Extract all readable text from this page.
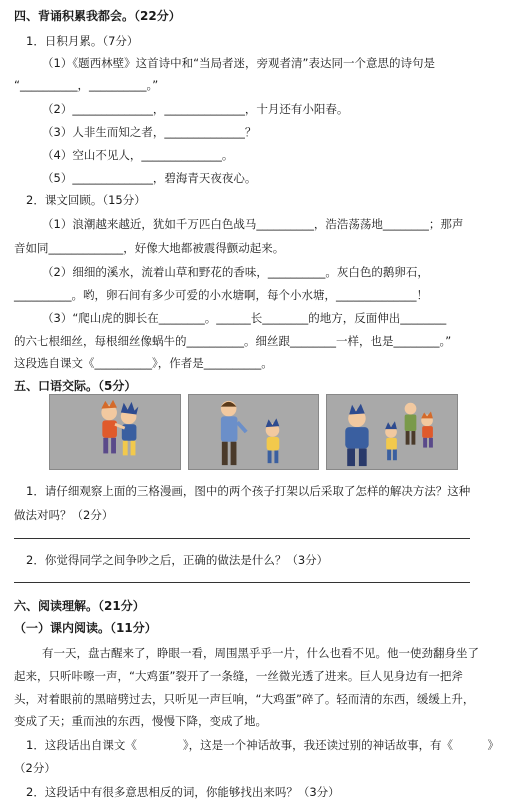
四、背诵积累我都会。（22分）
1．日积月累。（7分）
（1）《题西林壁》这首诗中和“当局者迷，旁观者清”表达同一个意思的诗句是
“__________，__________。”
（2）______________，______________，十月还有小阳春。
（3）人非生而知之者，______________？
（4）空山不见人，______________。
（5）______________，碧海青天夜夜心。
2．课文回顾。（15分）
（1）浪潮越来越近，犹如千万匹白色战马__________，浩浩荡荡地________；那声
音如同_____________，好像大地都被震得颤动起来。
（2）细细的溪水，流着山草和野花的香味，__________。灰白色的鹅卵石，
__________。哟，卵石间有多少可爱的小水塘啊，每个小水塘，______________！
（3）“爬山虎的脚长在________。______长________的地方，反面伸出________
的六七根细丝，每根细丝像蜗牛的__________。细丝跟________一样，也是________。”
这段选自课文《__________》，作者是__________。
五、口语交际。（5分）
1．请仔细观察上面的三格漫画，图中的两个孩子打架以后采取了怎样的解决方法？这种
做法对吗？（2分）
2．你觉得同学之间争吵之后，正确的做法是什么？（3分）
六、阅读理解。（21分）
（一）课内阅读。（11分）
有一天，盘古醒来了，睁眼一看，周围黑乎乎一片，什么也看不见。他一使劲翻身坐了
起来，只听咔嚓一声，“大鸡蛋”裂开了一条缝，一丝微光透了进来。巨人见身边有一把斧
头，对着眼前的黑暗劈过去，只听见一声巨响，“大鸡蛋”碎了。轻而清的东西，缓缓上升，
变成了天；重而浊的东西，慢慢下降，变成了地。
1．这段话出自课文《　　　　》，这是一个神话故事，我还读过别的神话故事，有《　　　》
（2分）
2．这段话中有很多意思相反的词，你能够找出来吗？（3分）
